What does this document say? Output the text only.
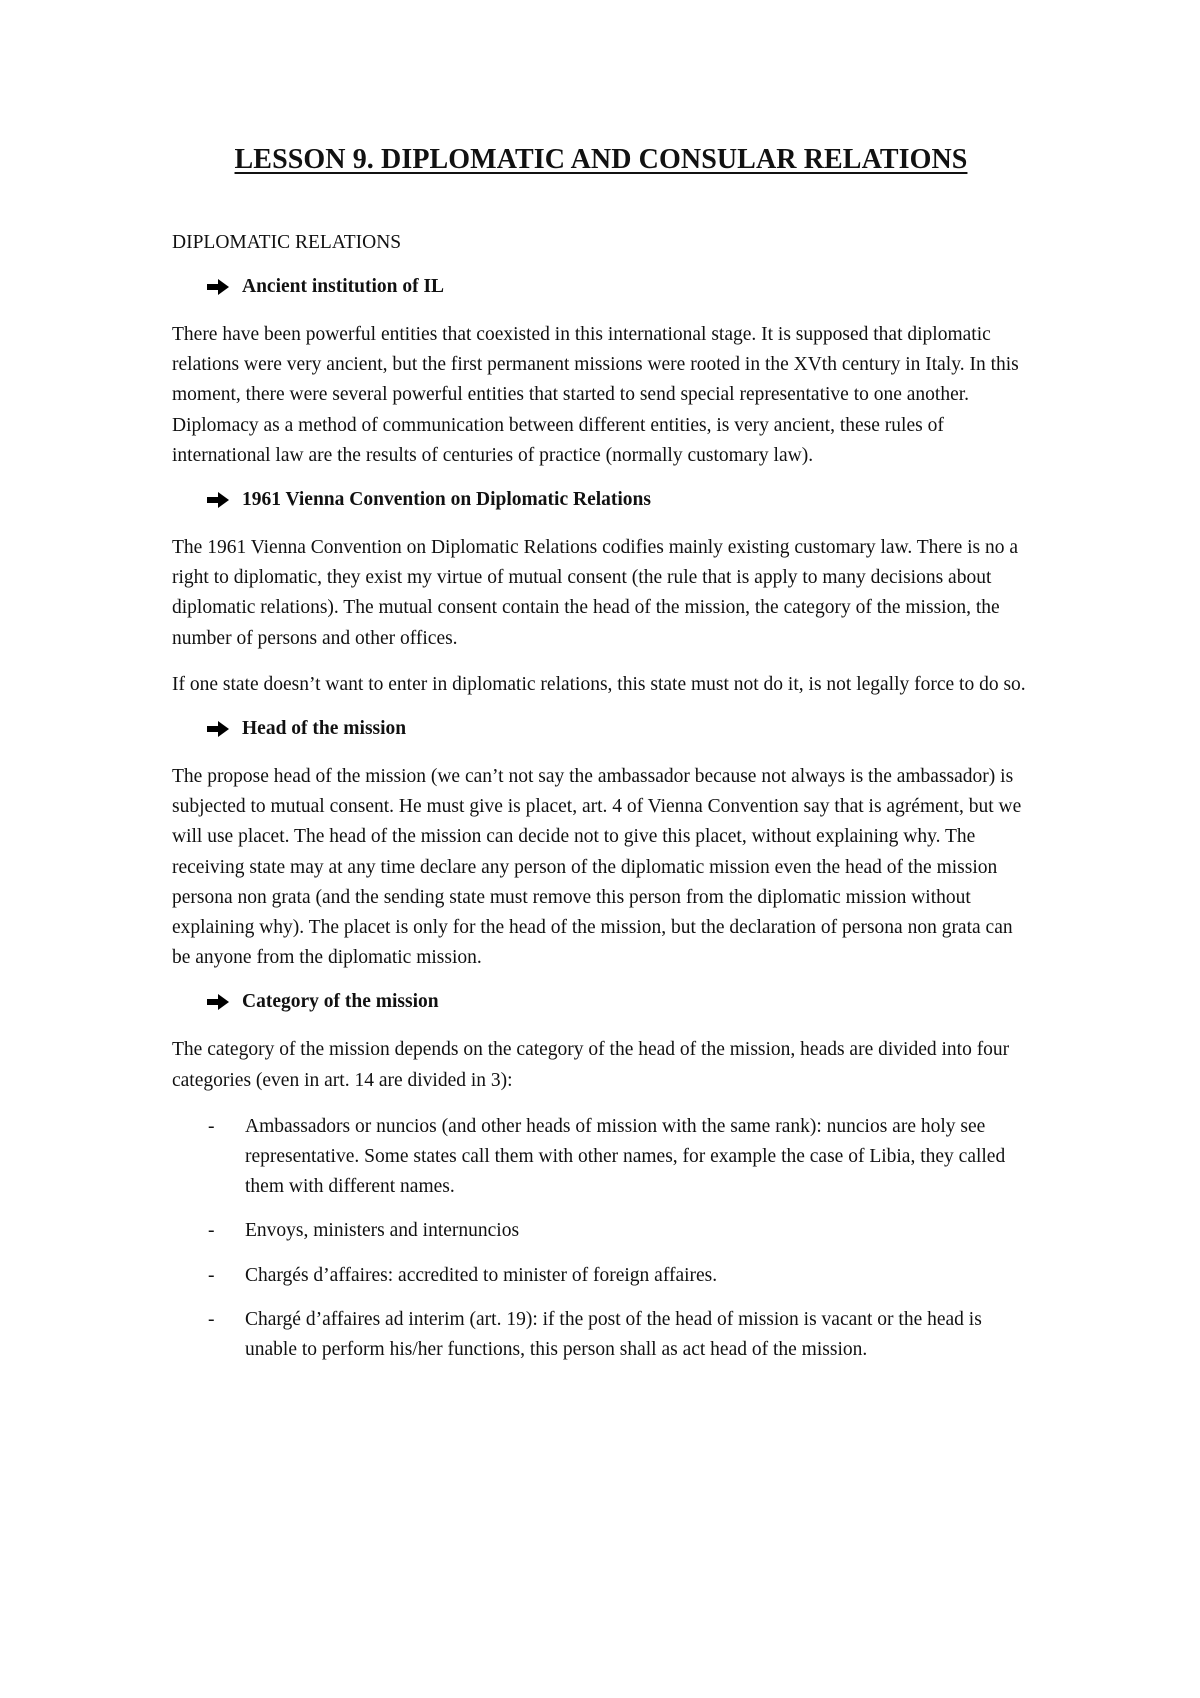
LESSON 9. DIPLOMATIC AND CONSULAR RELATIONS
DIPLOMATIC RELATIONS
Ancient institution of IL

There have been powerful entities that coexisted in this international stage. It is supposed that diplomatic relations were very ancient, but the first permanent missions were rooted in the XVth century in Italy. In this moment, there were several powerful entities that started to send special representative to one another. Diplomacy as a method of communication between different entities, is very ancient, these rules of international law are the results of centuries of practice (normally customary law).

1961 Vienna Convention on Diplomatic Relations

The 1961 Vienna Convention on Diplomatic Relations codifies mainly existing customary law. There is no a right to diplomatic, they exist my virtue of mutual consent (the rule that is apply to many decisions about diplomatic relations). The mutual consent contain the head of the mission, the category of the mission, the number of persons and other offices.

If one state doesn’t want to enter in diplomatic relations, this state must not do it, is not legally force to do so.

Head of the mission

The propose head of the mission (we can’t not say the ambassador because not always is the ambassador) is subjected to mutual consent. He must give is placet, art. 4 of Vienna Convention say that is agrément, but we will use placet. The head of the mission can decide not to give this placet, without explaining why. The receiving state may at any time declare any person of the diplomatic mission even the head of the mission persona non grata (and the sending state must remove this person from the diplomatic mission without explaining why). The placet is only for the head of the mission, but the declaration of persona non grata can be anyone from the diplomatic mission.

Category of the mission

The category of the mission depends on the category of the head of the mission, heads are divided into four categories (even in art. 14 are divided in 3):

- Ambassadors or nuncios (and other heads of mission with the same rank): nuncios are holy see representative. Some states call them with other names, for example the case of Libia, they called them with different names.
- Envoys, ministers and internuncios
- Chargés d’affaires: accredited to minister of foreign affaires.
- Chargé d’affaires ad interim (art. 19): if the post of the head of mission is vacant or the head is unable to perform his/her functions, this person shall as act head of the mission.
